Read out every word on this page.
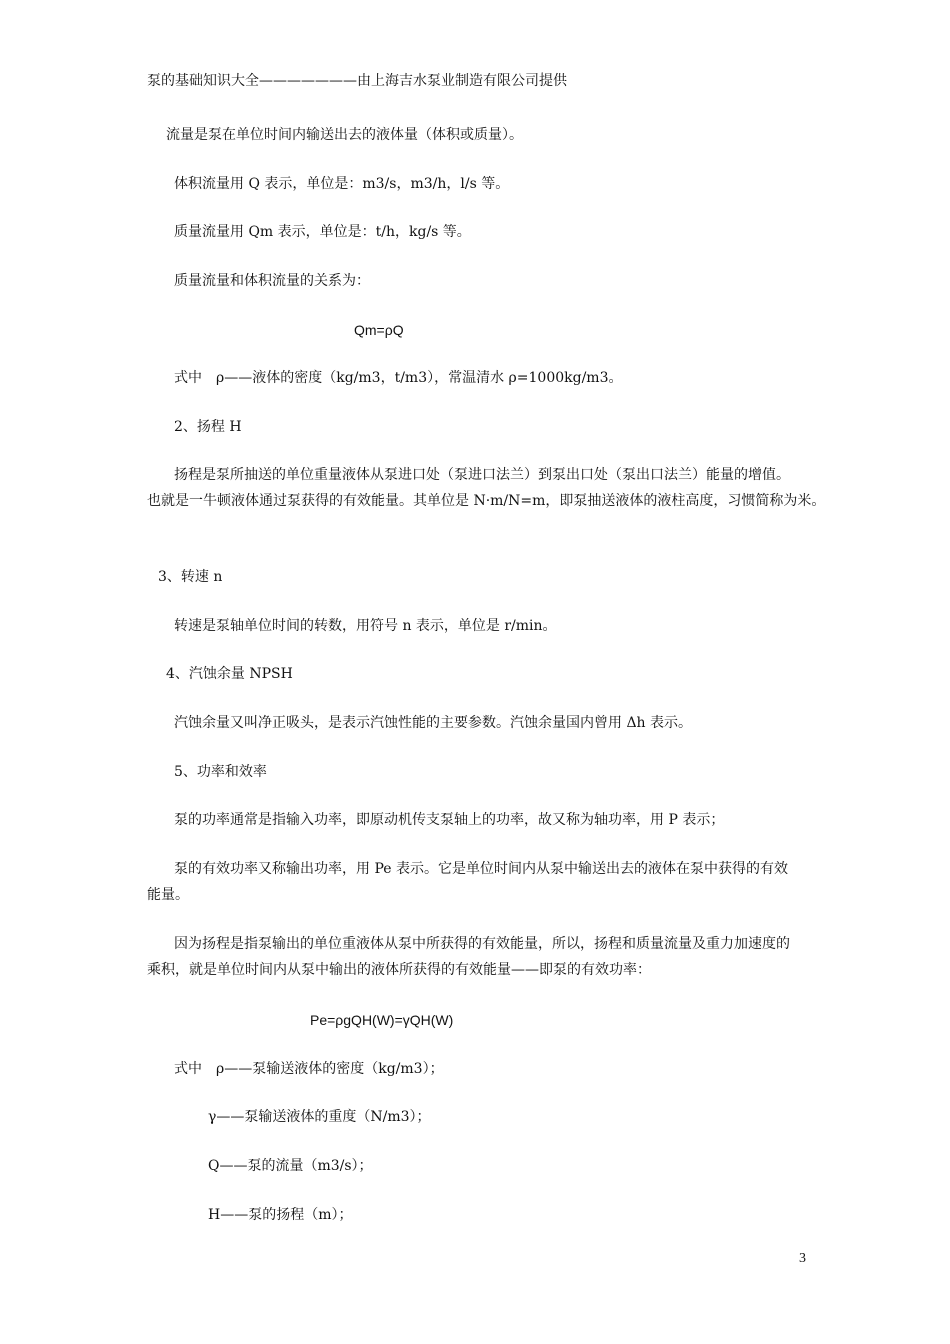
泵的基础知识大全———————由上海吉水泵业制造有限公司提供
流量是泵在单位时间内输送出去的液体量（体积或质量）。
体积流量用 Q 表示，单位是：m3/s，m3/h，l/s 等。
质量流量用 Qm 表示，单位是：t/h，kg/s 等。
质量流量和体积流量的关系为：
Qm=ρQ
式中　ρ——液体的密度（kg/m3，t/m3），常温清水 ρ=1000kg/m3。
2、扬程 H
扬程是泵所抽送的单位重量液体从泵进口处（泵进口法兰）到泵出口处（泵出口法兰）能量的增值。
也就是一牛顿液体通过泵获得的有效能量。其单位是 N·m/N=m，即泵抽送液体的液柱高度，习惯简称为米。
3、转速 n
转速是泵轴单位时间的转数，用符号 n 表示，单位是 r/min。
4、汽蚀余量 NPSH
汽蚀余量又叫净正吸头，是表示汽蚀性能的主要参数。汽蚀余量国内曾用 Δh 表示。
5、功率和效率
泵的功率通常是指输入功率，即原动机传支泵轴上的功率，故又称为轴功率，用 P 表示；
泵的有效功率又称输出功率，用 Pe 表示。它是单位时间内从泵中输送出去的液体在泵中获得的有效
能量。
因为扬程是指泵输出的单位重液体从泵中所获得的有效能量，所以，扬程和质量流量及重力加速度的
乘积，就是单位时间内从泵中输出的液体所获得的有效能量——即泵的有效功率：
Pe=ρgQH(W)=γQH(W)
式中　ρ——泵输送液体的密度（kg/m3）；
γ——泵输送液体的重度（N/m3）；
Q——泵的流量（m3/s）；
H——泵的扬程（m）；
3
